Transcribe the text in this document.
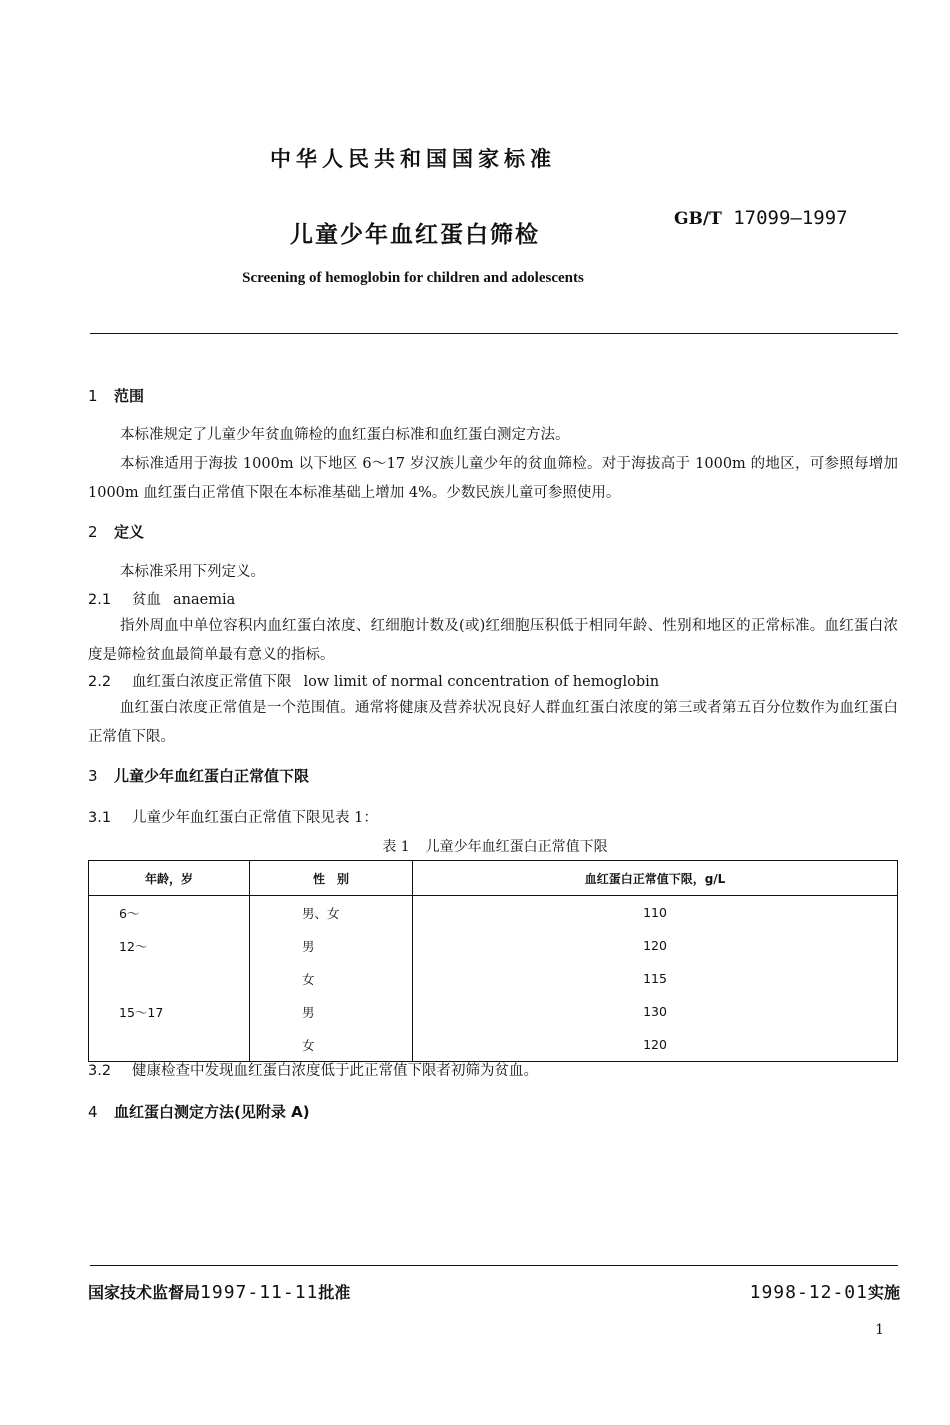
中华人民共和国国家标准
儿童少年血红蛋白筛检
GB/T 17099—1997
Screening of hemoglobin for children and adolescents
1 范围
本标准规定了儿童少年贫血筛检的血红蛋白标准和血红蛋白测定方法。
本标准适用于海拔 1000m 以下地区 6～17 岁汉族儿童少年的贫血筛检。对于海拔高于 1000m 的地区，可参照每增加 1000m 血红蛋白正常值下限在本标准基础上增加 4%。少数民族儿童可参照使用。
2 定义
本标准采用下列定义。
2.1 贫血 anaemia
指外周血中单位容积内血红蛋白浓度、红细胞计数及(或)红细胞压积低于相同年龄、性别和地区的正常标准。血红蛋白浓度是筛检贫血最简单最有意义的指标。
2.2 血红蛋白浓度正常值下限 low limit of normal concentration of hemoglobin
血红蛋白浓度正常值是一个范围值。通常将健康及营养状况良好人群血红蛋白浓度的第三或者第五百分位数作为血红蛋白正常值下限。
3 儿童少年血红蛋白正常值下限
3.1 儿童少年血红蛋白正常值下限见表 1：
表 1 儿童少年血红蛋白正常值下限
年龄，岁	性　别	血红蛋白正常值下限，g/L
6～	男、女	110
12～	男	120
	女	115
15～17	男	130
	女	120
3.2 健康检查中发现血红蛋白浓度低于此正常值下限者初筛为贫血。
4 血红蛋白测定方法(见附录 A)
国家技术监督局1997-11-11批准	1998-12-01实施
1
